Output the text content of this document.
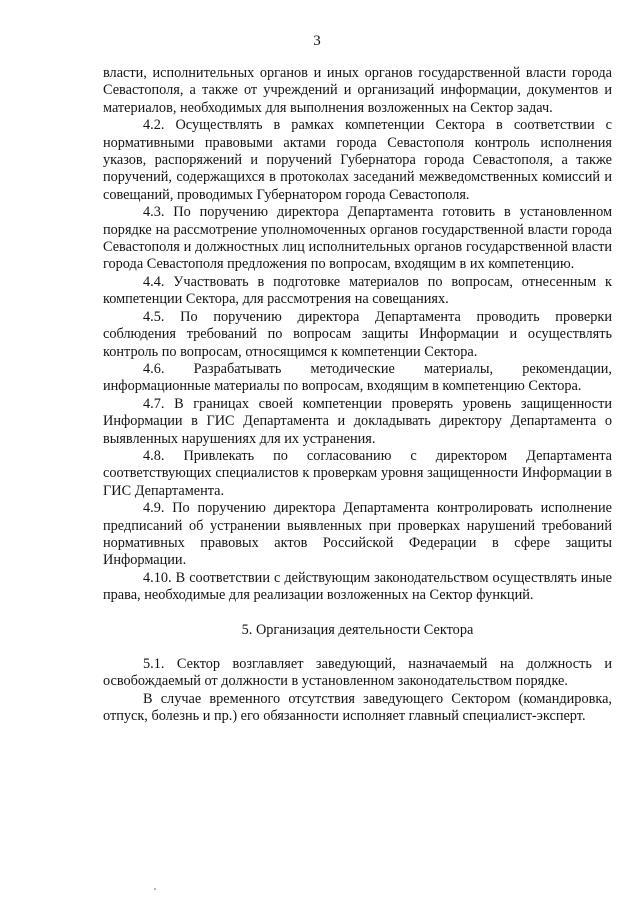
3

власти, исполнительных органов и иных органов государственной власти города Севастополя, а также от учреждений и организаций информации, документов и материалов, необходимых для выполнения возложенных на Сектор задач.

4.2. Осуществлять в рамках компетенции Сектора в соответствии с нормативными правовыми актами города Севастополя контроль исполнения указов, распоряжений и поручений Губернатора города Севастополя, а также поручений, содержащихся в протоколах заседаний межведомственных комиссий и совещаний, проводимых Губернатором города Севастополя.

4.3. По поручению директора Департамента готовить в установленном порядке на рассмотрение уполномоченных органов государственной власти города Севастополя и должностных лиц исполнительных органов государственной власти города Севастополя предложения по вопросам, входящим в их компетенцию.

4.4. Участвовать в подготовке материалов по вопросам, отнесенным к компетенции Сектора, для рассмотрения на совещаниях.

4.5. По поручению директора Департамента проводить проверки соблюдения требований по вопросам защиты Информации и осуществлять контроль по вопросам, относящимся к компетенции Сектора.

4.6. Разрабатывать методические материалы, рекомендации, информационные материалы по вопросам, входящим в компетенцию Сектора.

4.7. В границах своей компетенции проверять уровень защищенности Информации в ГИС Департамента и докладывать директору Департамента о выявленных нарушениях для их устранения.

4.8. Привлекать по согласованию с директором Департамента соответствующих специалистов к проверкам уровня защищенности Информации в ГИС Департамента.

4.9. По поручению директора Департамента контролировать исполнение предписаний об устранении выявленных при проверках нарушений требований нормативных правовых актов Российской Федерации в сфере защиты Информации.

4.10. В соответствии с действующим законодательством осуществлять иные права, необходимые для реализации возложенных на Сектор функций.

5. Организация деятельности Сектора

5.1. Сектор возглавляет заведующий, назначаемый на должность и освобождаемый от должности в установленном законодательством порядке.

В случае временного отсутствия заведующего Сектором (командировка, отпуск, болезнь и пр.) его обязанности исполняет главный специалист-эксперт.
